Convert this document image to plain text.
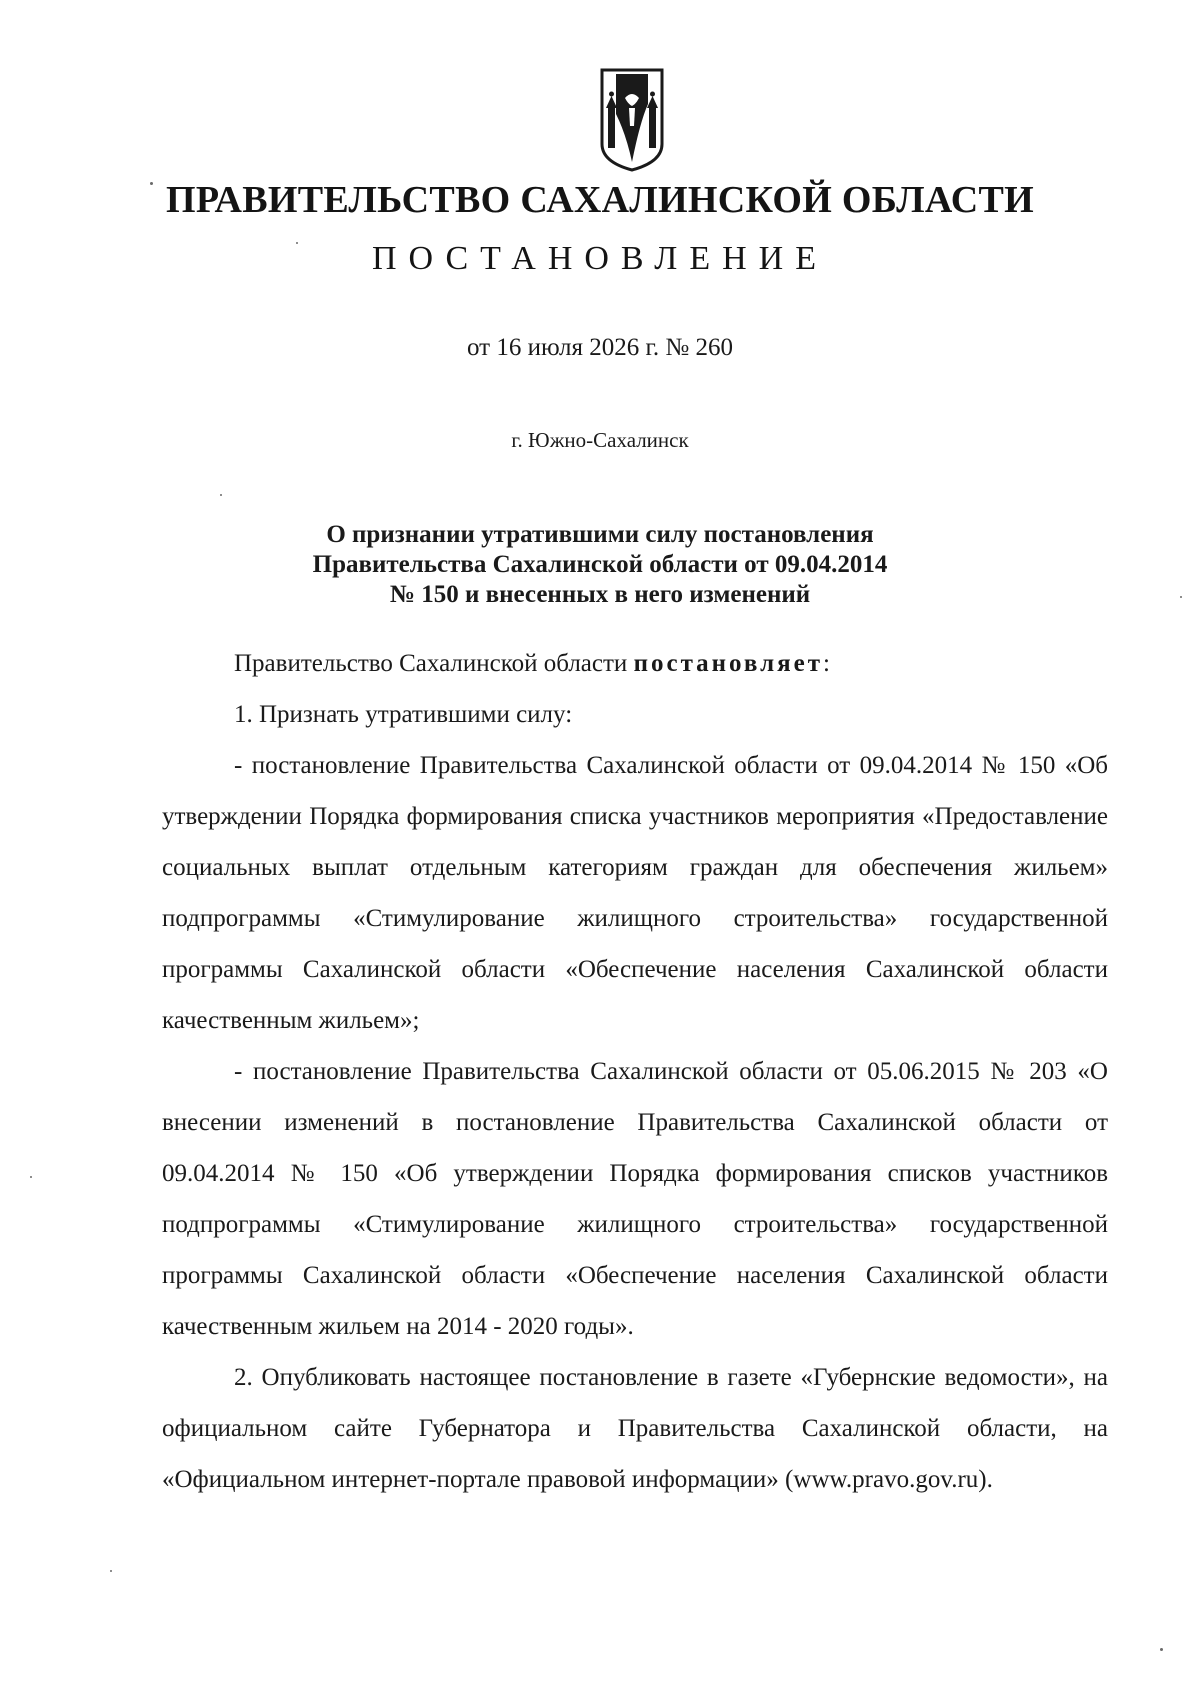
ПРАВИТЕЛЬСТВО САХАЛИНСКОЙ ОБЛАСТИ
ПОСТАНОВЛЕНИЕ
от 16 июля 2026 г. № 260
г. Южно-Сахалинск
О признании утратившими силу постановления
Правительства Сахалинской области от 09.04.2014
№ 150 и внесенных в него изменений

Правительство Сахалинской области постановляет:

1. Признать утратившими силу:

- постановление Правительства Сахалинской области от 09.04.2014 № 150 «Об утверждении Порядка формирования списка участников мероприятия «Предоставление социальных выплат отдельным категориям граждан для обеспечения жильем» подпрограммы «Стимулирование жилищного строительства» государственной программы Сахалинской области «Обеспечение населения Сахалинской области качественным жильем»;

- постановление Правительства Сахалинской области от 05.06.2015 № 203 «О внесении изменений в постановление Правительства Сахалинской области от 09.04.2014 № 150 «Об утверждении Порядка формирования списков участников подпрограммы «Стимулирование жилищного строительства» государственной программы Сахалинской области «Обеспечение населения Сахалинской области качественным жильем на 2014 - 2020 годы».

2. Опубликовать настоящее постановление в газете «Губернские ведомости», на официальном сайте Губернатора и Правительства Сахалинской области, на «Официальном интернет-портале правовой информации» (www.pravo.gov.ru).
